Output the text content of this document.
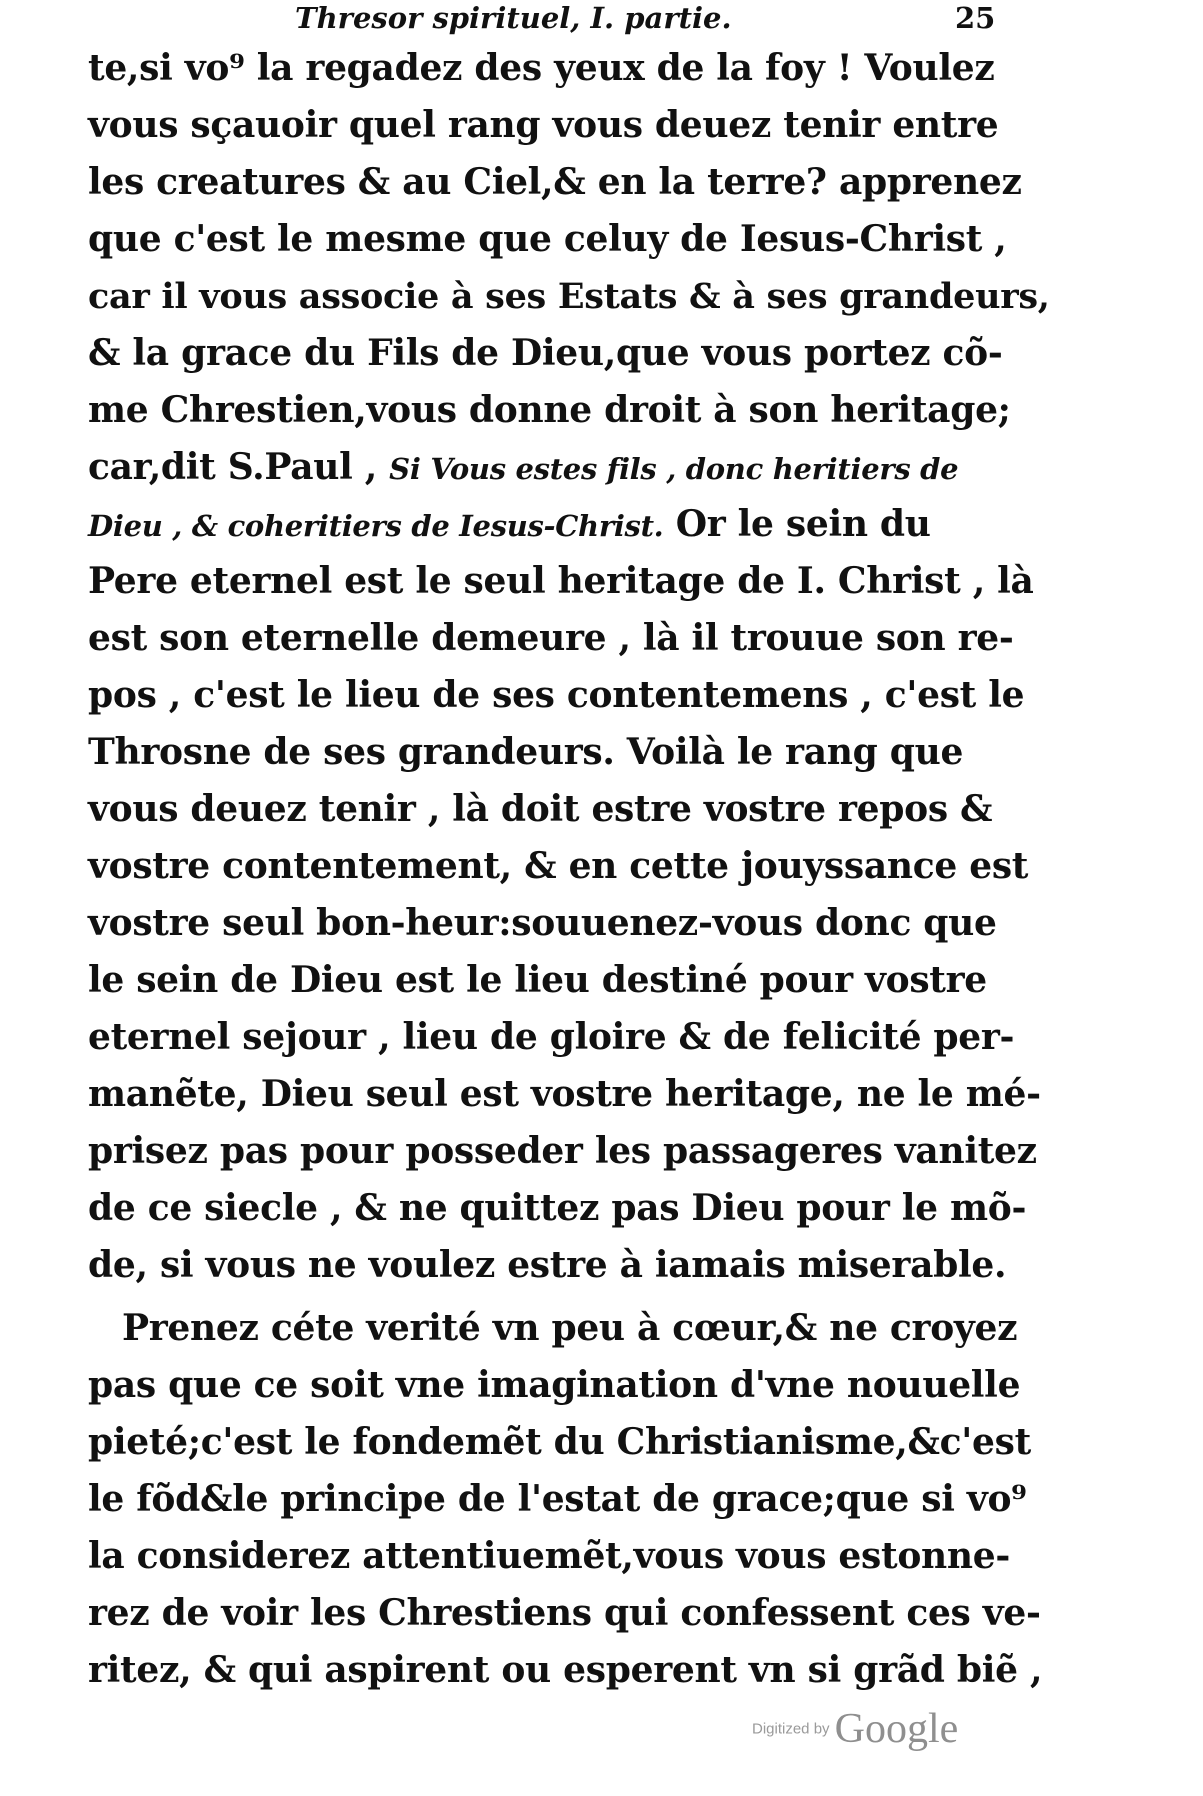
Thresor spirituel, I. partie.	25
te,si vo⁹ la regadez des yeux de la foy ! Voulez
vous sçauoir quel rang vous deuez tenir entre
les creatures & au Ciel,& en la terre? apprenez
que c'est le mesme que celuy de Iesus-Christ ,
car il vous associe à ses Estats & à ses grandeurs,
& la grace du Fils de Dieu,que vous portez cõ-
me Chrestien,vous donne droit à son heritage;
car,dit S.Paul , Si Vous estes fils , donc heritiers de
Dieu , & coheritiers de Iesus-Christ. Or le sein du
Pere eternel est le seul heritage de I. Christ , là
est son eternelle demeure , là il trouue son re-
pos , c'est le lieu de ses contentemens , c'est le
Throsne de ses grandeurs. Voilà le rang que
vous deuez tenir , là doit estre vostre repos &
vostre contentement, & en cette jouyssance est
vostre seul bon-heur:souuenez-vous donc que
le sein de Dieu est le lieu destiné pour vostre
eternel sejour , lieu de gloire & de felicité per-
manẽte, Dieu seul est vostre heritage, ne le mé-
prisez pas pour posseder les passageres vanitez
de ce siecle , & ne quittez pas Dieu pour le mõ-
de, si vous ne voulez estre à iamais miserable.
Prenez céte verité vn peu à cœur,& ne croyez
pas que ce soit vne imagination d'vne nouuelle
pieté;c'est le fondemẽt du Christianisme,&c'est
le fõd&le principe de l'estat de grace;que si vo⁹
la considerez attentiuemẽt,vous vous estonne-
rez de voir les Chrestiens qui confessent ces ve-
ritez, & qui aspirent ou esperent vn si grãd biẽ ,
Digitized by Google
